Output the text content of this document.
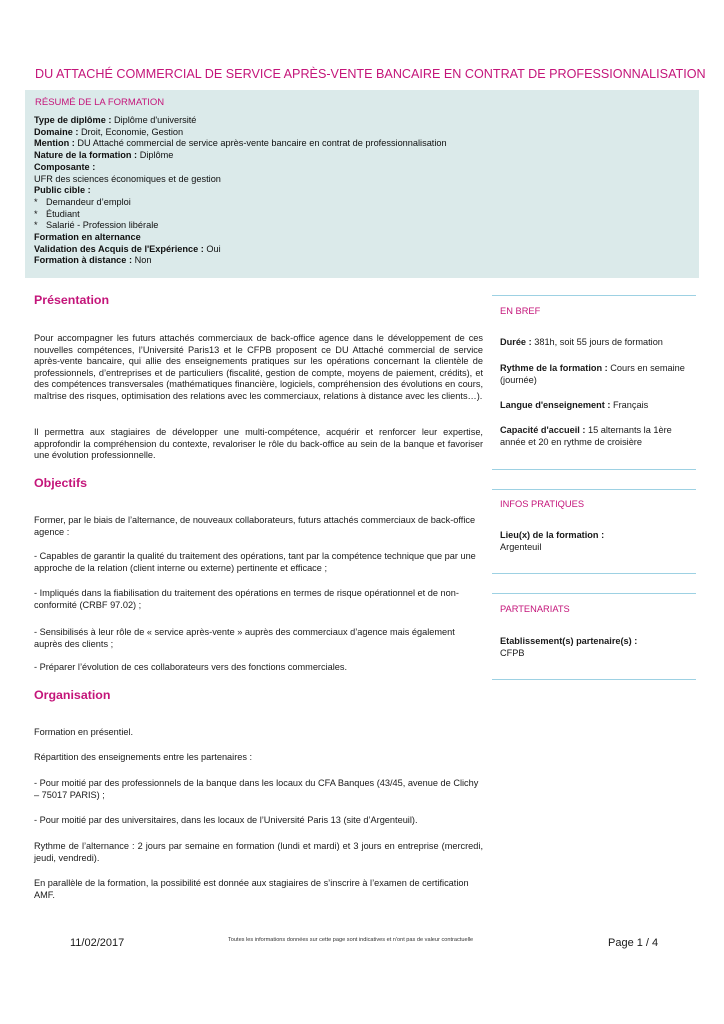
DU ATTACHÉ COMMERCIAL DE SERVICE APRÈS-VENTE BANCAIRE EN CONTRAT DE PROFESSIONNALISATION
RÉSUMÉ DE LA FORMATION
Type de diplôme : Diplôme d'université
Domaine : Droit, Economie, Gestion
Mention : DU Attaché commercial de service après-vente bancaire en contrat de professionnalisation
Nature de la formation : Diplôme
Composante :
UFR des sciences économiques et de gestion
Public cible :
* Demandeur d’emploi
* Étudiant
* Salarié - Profession libérale
Formation en alternance
Validation des Acquis de l'Expérience : Oui
Formation à distance : Non
Présentation
Pour accompagner les futurs attachés commerciaux de back-office agence dans le développement de ces nouvelles compétences, l’Université Paris13 et le CFPB proposent ce DU Attaché commercial de service après-vente bancaire, qui allie des enseignements pratiques sur les opérations concernant la clientèle de professionnels, d’entreprises et de particuliers (fiscalité, gestion de compte, moyens de paiement, crédits), et des compétences transversales (mathématiques financière, logiciels, compréhension des évolutions en cours, maîtrise des risques, optimisation des relations avec les commerciaux, relations à distance avec les clients…).
Il permettra aux stagiaires de développer une multi-compétence, acquérir et renforcer leur expertise, approfondir la compréhension du contexte, revaloriser le rôle du back-office au sein de la banque et favoriser une évolution professionnelle.
Objectifs
Former, par le biais de l’alternance, de nouveaux collaborateurs, futurs attachés commerciaux de back-office agence :
- Capables de garantir la qualité du traitement des opérations, tant par la compétence technique que par une approche de la relation (client interne ou externe) pertinente et efficace ;
- Impliqués dans la fiabilisation du traitement des opérations en termes de risque opérationnel et de non-conformité (CRBF 97.02) ;
- Sensibilisés à leur rôle de « service après-vente » auprès des commerciaux d’agence mais également auprès des clients ;
- Préparer l’évolution de ces collaborateurs vers des fonctions commerciales.
Organisation
Formation en présentiel.
Répartition des enseignements entre les partenaires :
- Pour moitié par des professionnels de la banque dans les locaux du CFA Banques (43/45, avenue de Clichy – 75017 PARIS) ;
- Pour moitié par des universitaires, dans les locaux de l’Université Paris 13 (site d’Argenteuil).
Rythme de l’alternance : 2 jours par semaine en formation (lundi et mardi) et 3 jours en entreprise (mercredi, jeudi, vendredi).
En parallèle de la formation, la possibilité est donnée aux stagiaires de s’inscrire à l’examen de certification AMF.
EN BREF
Durée : 381h, soit 55 jours de formation
Rythme de la formation : Cours en semaine (journée)
Langue d'enseignement : Français
Capacité d'accueil : 15 alternants la 1ère année et 20 en rythme de croisière
INFOS PRATIQUES
Lieu(x) de la formation :
Argenteuil
PARTENARIATS
Etablissement(s) partenaire(s) :
CFPB
11/02/2017	Toutes les informations données sur cette page sont indicatives et n'ont pas de valeur contractuelle	Page 1 / 4
